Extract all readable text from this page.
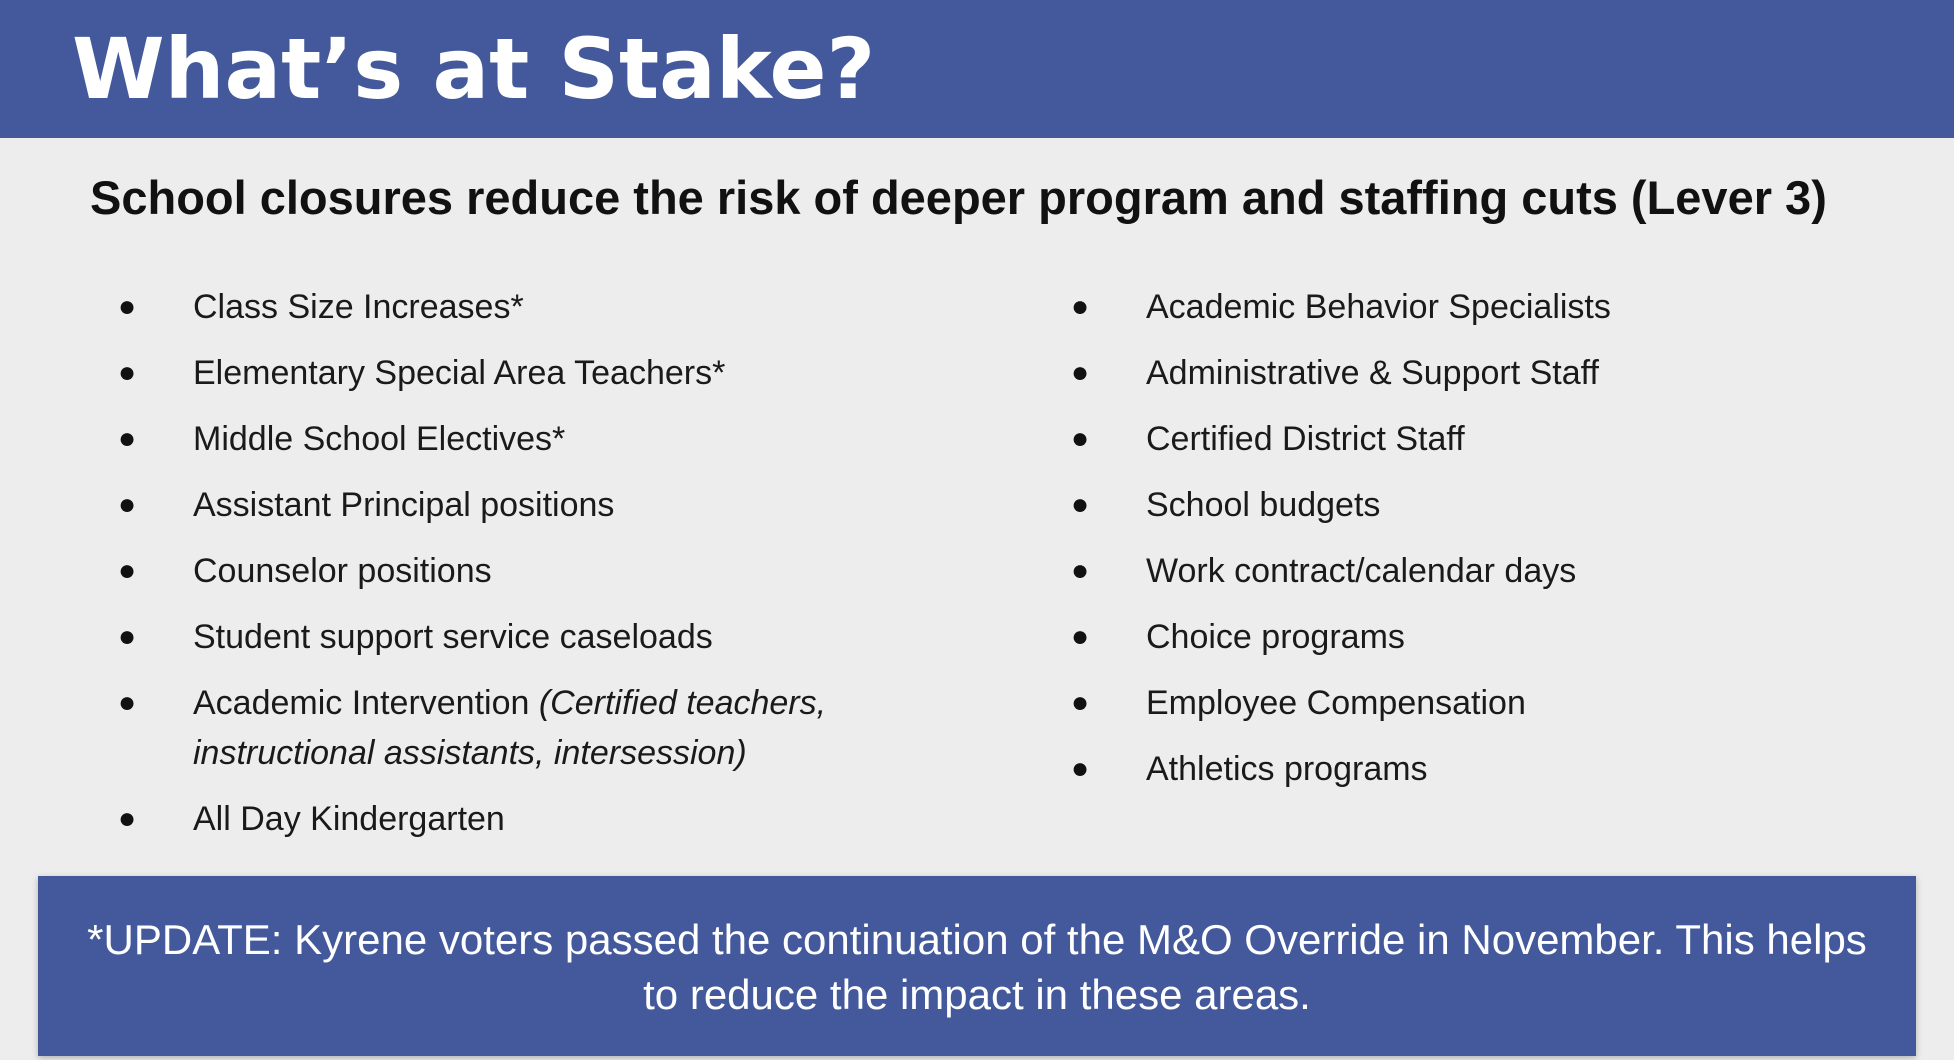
What’s at Stake?
School closures reduce the risk of deeper program and staffing cuts (Lever 3)
●	Class Size Increases*
●	Elementary Special Area Teachers*
●	Middle School Electives*
●	Assistant Principal positions
●	Counselor positions
●	Student support service caseloads
●	Academic Intervention (Certified teachers,
instructional assistants, intersession)
●	All Day Kindergarten
●	Academic Behavior Specialists
●	Administrative & Support Staff
●	Certified District Staff
●	School budgets
●	Work contract/calendar days
●	Choice programs
●	Employee Compensation
●	Athletics programs

*UPDATE: Kyrene voters passed the continuation of the M&O Override in November. This helps to reduce the impact in these areas.
